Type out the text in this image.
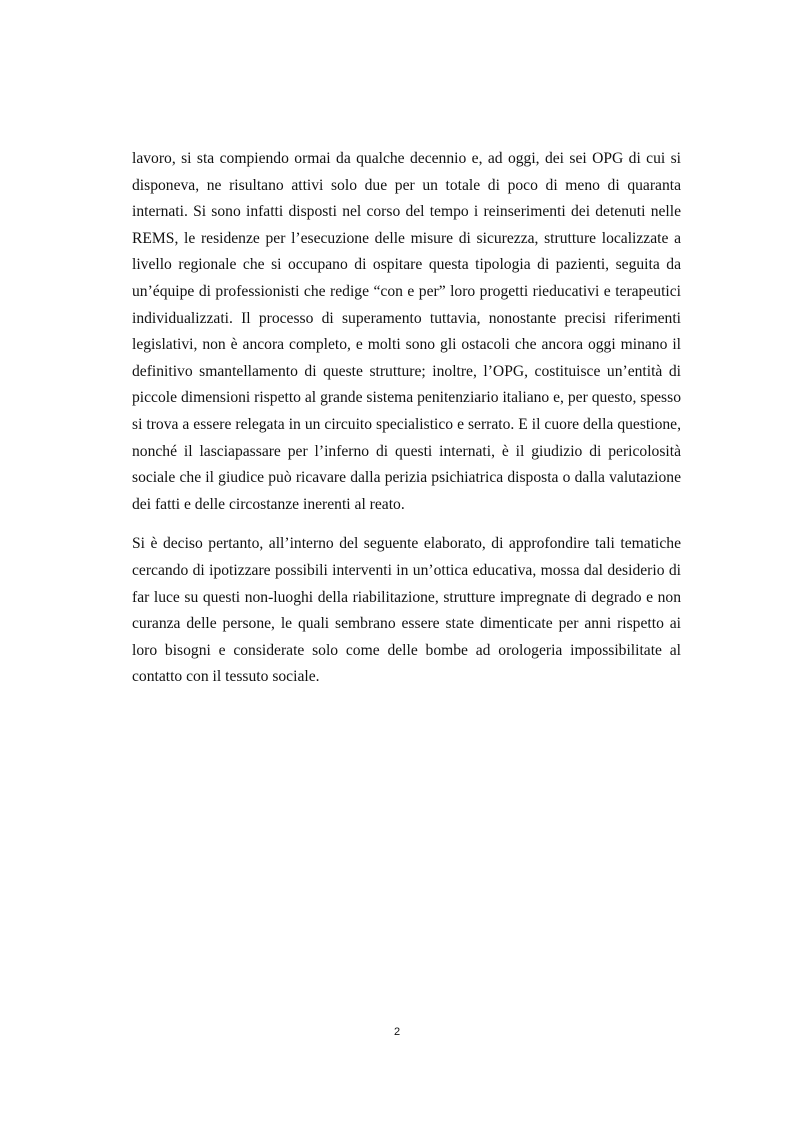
lavoro, si sta compiendo ormai da qualche decennio e, ad oggi, dei sei OPG di cui si disponeva, ne risultano attivi solo due per un totale di poco di meno di quaranta internati. Si sono infatti disposti nel corso del tempo i reinserimenti dei detenuti nelle REMS, le residenze per l’esecuzione delle misure di sicurezza, strutture localizzate a livello regionale che si occupano di ospitare questa tipologia di pazienti, seguita da un’équipe di professionisti che redige “con e per” loro progetti rieducativi e terapeutici individualizzati. Il processo di superamento tuttavia, nonostante precisi riferimenti legislativi, non è ancora completo, e molti sono gli ostacoli che ancora oggi minano il definitivo smantellamento di queste strutture; inoltre, l’OPG, costituisce un’entità di piccole dimensioni rispetto al grande sistema penitenziario italiano e, per questo, spesso si trova a essere relegata in un circuito specialistico e serrato. E il cuore della questione, nonché il lasciapassare per l’inferno di questi internati, è il giudizio di pericolosità sociale che il giudice può ricavare dalla perizia psichiatrica disposta o dalla valutazione dei fatti e delle circostanze inerenti al reato.

Si è deciso pertanto, all’interno del seguente elaborato, di approfondire tali tematiche cercando di ipotizzare possibili interventi in un’ottica educativa, mossa dal desiderio di far luce su questi non-luoghi della riabilitazione, strutture impregnate di degrado e non curanza delle persone, le quali sembrano essere state dimenticate per anni rispetto ai loro bisogni e considerate solo come delle bombe ad orologeria impossibilitate al contatto con il tessuto sociale.

2
